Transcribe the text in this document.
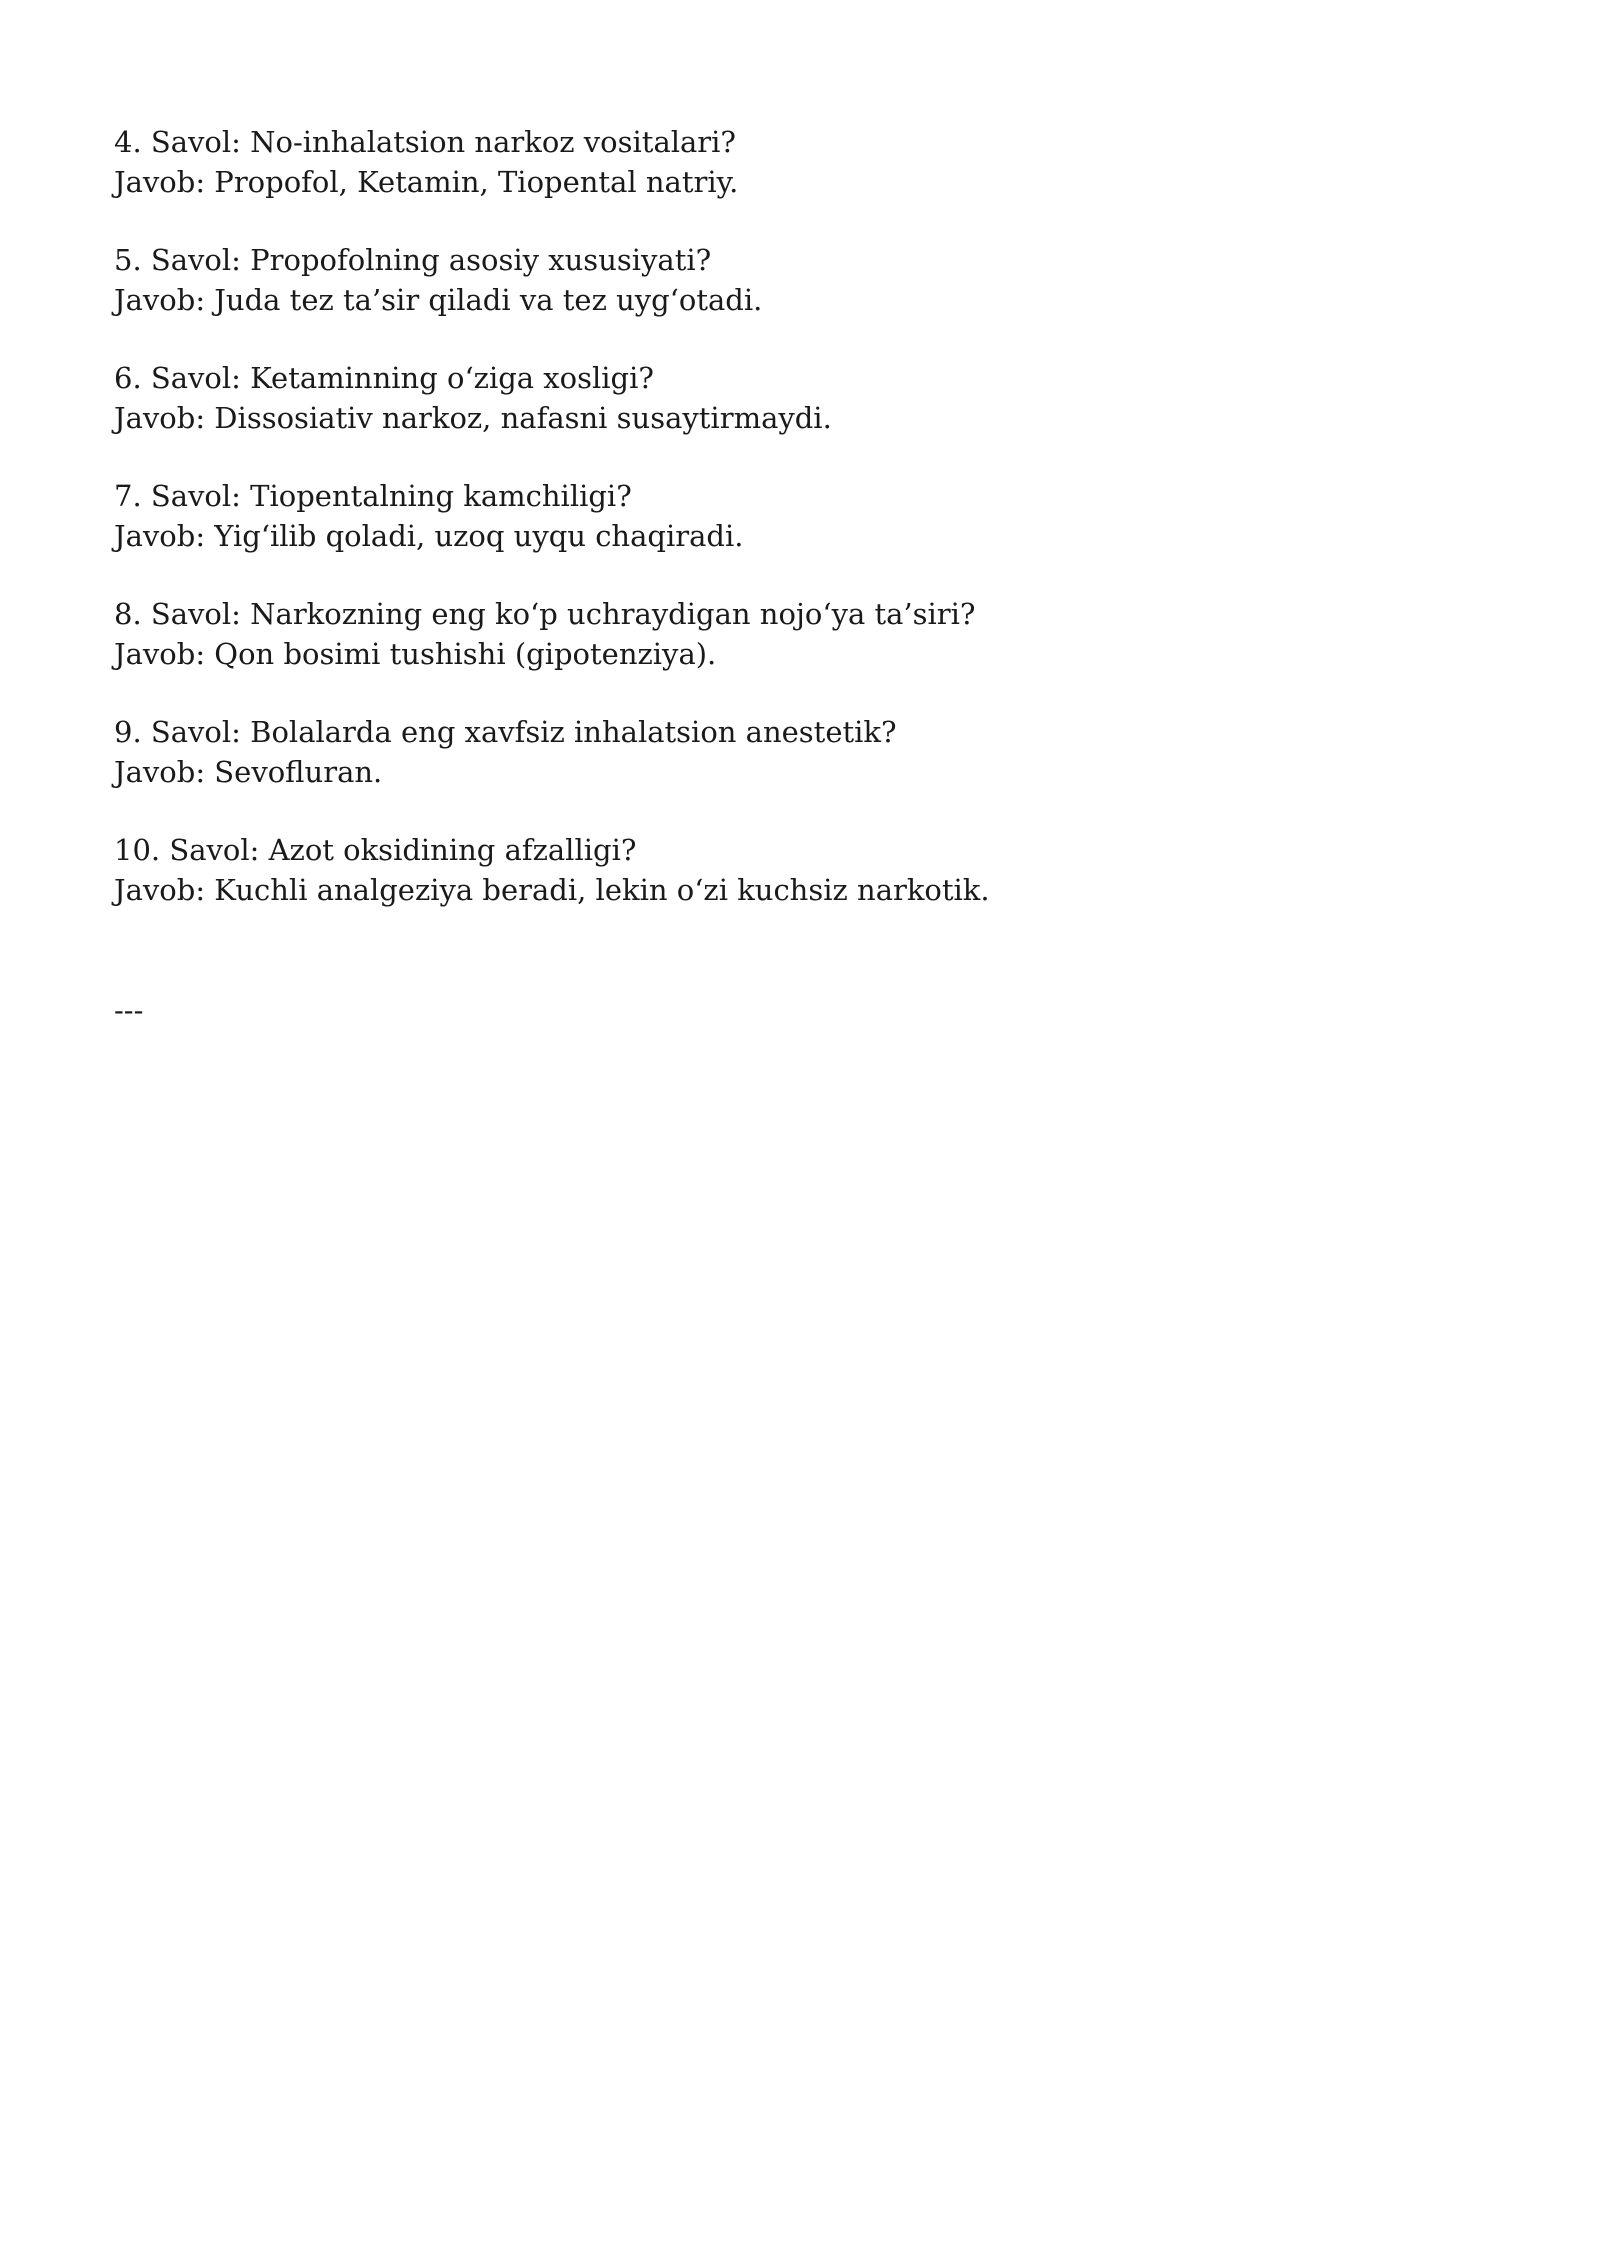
4. Savol: No-inhalatsion narkoz vositalari?
Javob: Propofol, Ketamin, Tiopental natriy.
5. Savol: Propofolning asosiy xususiyati?
Javob: Juda tez ta’sir qiladi va tez uygʻotadi.
6. Savol: Ketaminning oʻziga xosligi?
Javob: Dissosiativ narkoz, nafasni susaytirmaydi.
7. Savol: Tiopentalning kamchiligi?
Javob: Yigʻilib qoladi, uzoq uyqu chaqiradi.
8. Savol: Narkozning eng koʻp uchraydigan nojoʻya ta’siri?
Javob: Qon bosimi tushishi (gipotenziya).
9. Savol: Bolalarda eng xavfsiz inhalatsion anestetik?
Javob: Sevofluran.
10. Savol: Azot oksidining afzalligi?
Javob: Kuchli analgeziya beradi, lekin oʻzi kuchsiz narkotik.
---
